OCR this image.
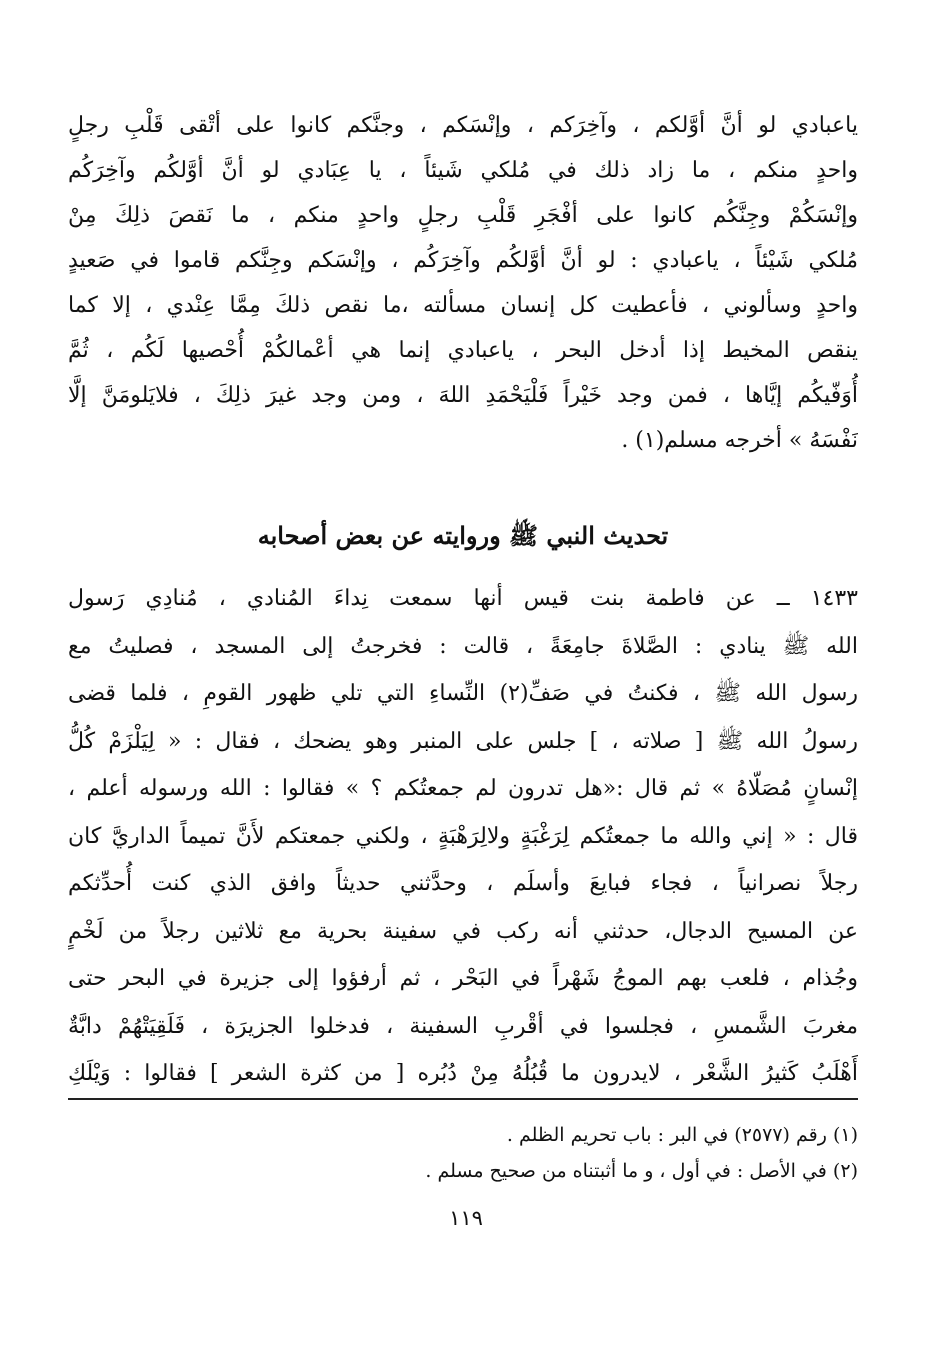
ياعبادي لو أنَّ أوَّلكم ، وآخِرَكم ، وإنْسَكم ، وجنَّكم كانوا على أتْقى قَلْبِ رجلٍ
واحدٍ منكم ، ما زاد ذلك في مُلكي شَيئاً ، يا عِبَادي لو أنَّ أوَّلكُم وآخِرَكُم
وإنْسَكُمْ وجِنَّكُم كانوا على أفْجَرِ قَلْبِ رجلٍ واحدٍ منكم ، ما نَقصَ ذلِكَ مِنْ
مُلكي شَيْئاً ، ياعبادي : لو أنَّ أوَّلكُم وآخِرَكُم ، وإنْسَكم وجِنَّكم قاموا في صَعيدٍ
واحدٍ وسألوني ، فأعطيت كل إنسان مسألته ،ما نقص ذلكَ مِمَّا عِنْدي ، إلا كما
ينقص المخيط إذا أدخل البحر ، ياعبادي إنما هي أعْمالكُمْ أُحْصيها لَكُم ، ثُمَّ
أُوَفّيكُم إيَّاها ، فمن وجد خَيْراً فَلْيَحْمَدِ اللهَ ، ومن وجد غيرَ ذلِكَ ، فلايَلومَنَّ إلَّا
نَفْسَهُ » أخرجه مسلم(١) .
تحديث النبي ﷺ وروايته عن بعض أصحابه
١٤٣٣ ــ عن فاطمة بنت قيس أنها سمعت نِداءَ المُنادي ، مُنادِي رَسول
الله ﷺ ينادي : الصَّلاةَ جامِعَةً ، قالت : فخرجتُ إلى المسجد ، فصليتُ مع
رسول الله ﷺ ، فكنتُ في صَفِّ(٢) النِّساءِ التي تلي ظهور القومِ ، فلما قضى
رسولُ الله ﷺ [ صلاته ، ] جلس على المنبر وهو يضحك ، فقال : « لِيَلْزَمْ كُلُّ
إنْسانٍ مُصَلّاهُ » ثم قال :«هل تدرون لم جمعتُكم ؟ » فقالوا : الله ورسوله أعلم ،
قال : « إني والله ما جمعتُكم لِرَغْبَةٍ ولالِرَهْبَةٍ ، ولكني جمعتكم لأَنَّ تميماً الداريَّ كان
رجلاً نصرانياً ، فجاء فبايعَ وأسلَم ، وحدَّثني حديثاً وافق الذي كنت أُحدِّثكم
عن المسيح الدجال، حدثني أنه ركب في سفينة بحرية مع ثلاثين رجلاً من لَخْمٍ
وجُذام ، فلعب بهم الموجُ شَهْراً في البَحْر ، ثم أرفؤوا إلى جزيرة في البحر حتى
مغربَ الشَّمسِ ، فجلسوا في أقْربِ السفينة ، فدخلوا الجزيرَة ، فَلَقِيَتْهُمْ دابَّةٌ
أَهْلَبُ كَثيرُ الشَّعْر ، لايدرون ما قُبُلُهُ مِنْ دُبُره [ من كثرة الشعر ] فقالوا : وَيْلَكِ
(١) رقم (٢٥٧٧) في البر : باب تحريم الظلم .
(٢) في الأصل : في أول ، و ما أثبتناه من صحيح مسلم .
١١٩
